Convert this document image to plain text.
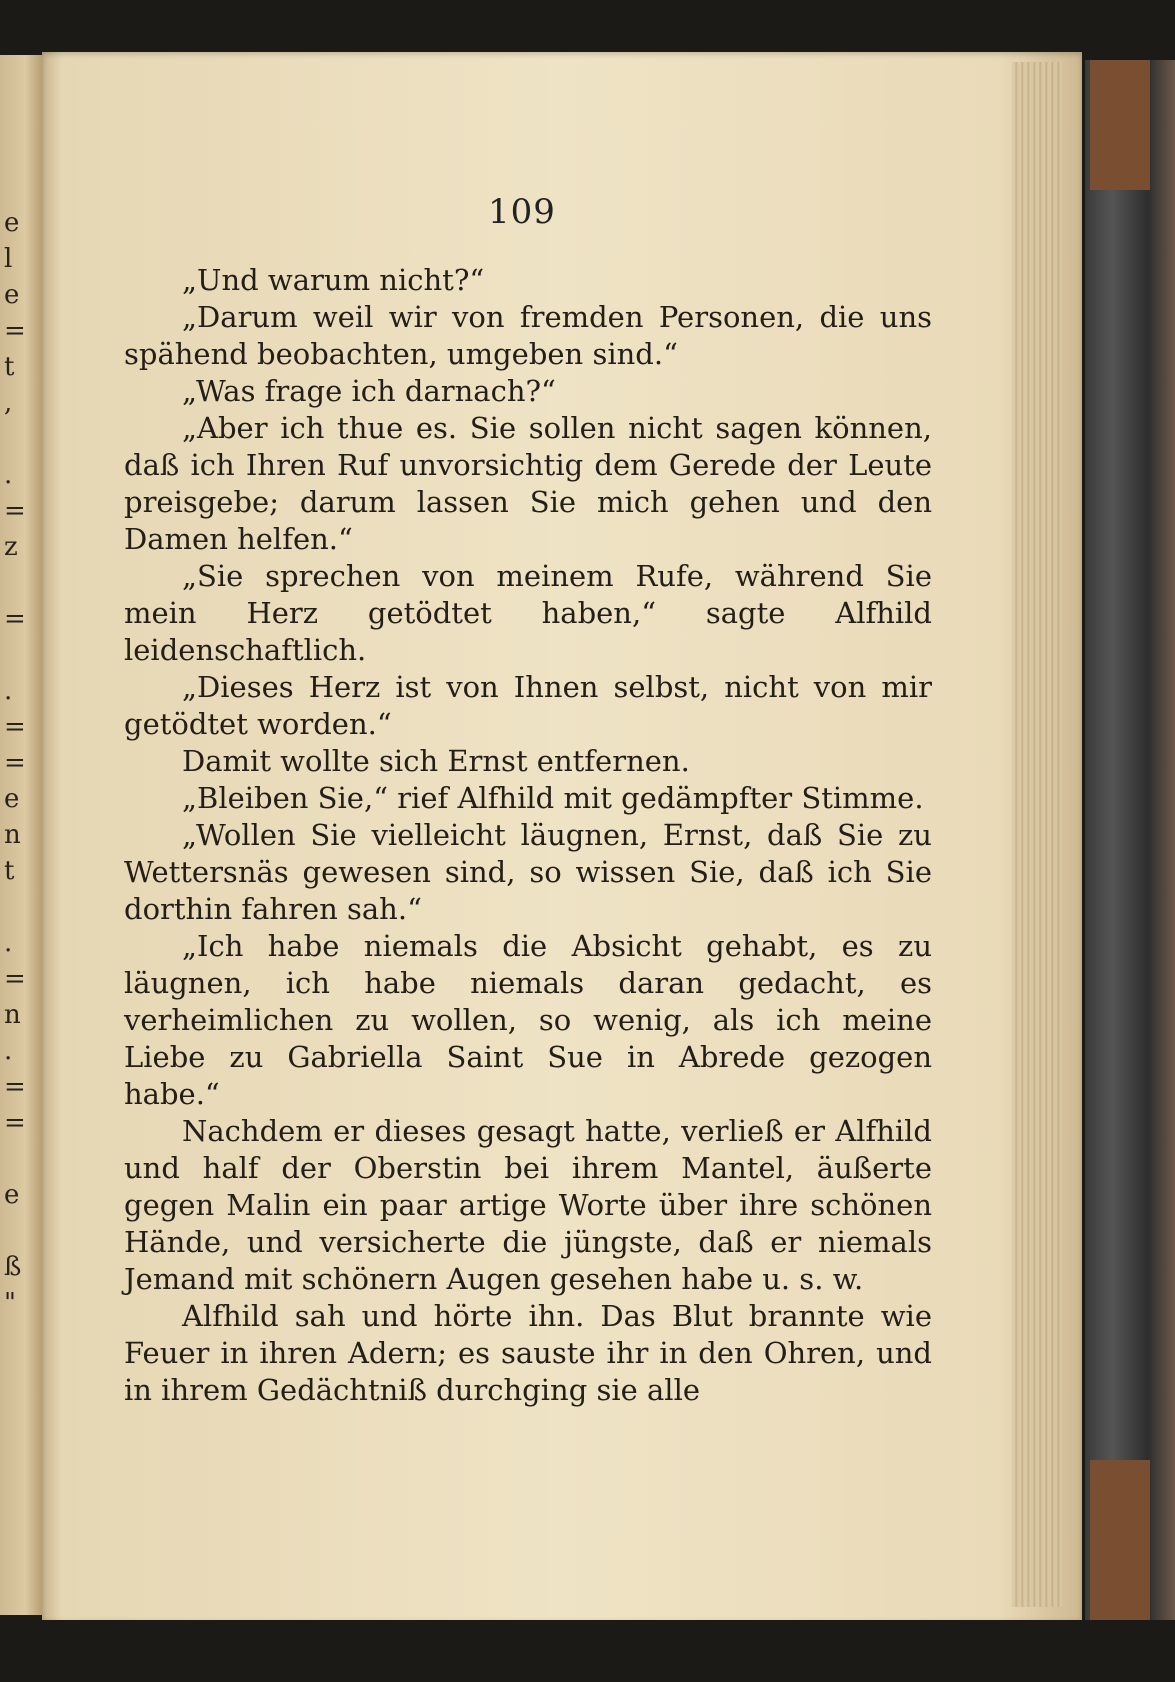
e
l
e
=
t
,

.
=
z

=

.
=
=
e
n
t

.
=
n
.
=
=

e

ß
"
109

„Und warum nicht?“

„Darum weil wir von fremden Personen, die uns spähend beobachten, umgeben sind.“

„Was frage ich darnach?“

„Aber ich thue es. Sie sollen nicht sagen können, daß ich Ihren Ruf unvorsichtig dem Gerede der Leute preisgebe; darum lassen Sie mich gehen und den Damen helfen.“

„Sie sprechen von meinem Rufe, während Sie mein Herz getödtet haben,“ sagte Alfhild leidenschaftlich.

„Dieses Herz ist von Ihnen selbst, nicht von mir getödtet worden.“

Damit wollte sich Ernst entfernen.

„Bleiben Sie,“ rief Alfhild mit gedämpfter Stimme.

„Wollen Sie vielleicht läugnen, Ernst, daß Sie zu Wettersnäs gewesen sind, so wissen Sie, daß ich Sie dorthin fahren sah.“

„Ich habe niemals die Absicht gehabt, es zu läugnen, ich habe niemals daran gedacht, es verheimlichen zu wollen, so wenig, als ich meine Liebe zu Gabriella Saint Sue in Abrede gezogen habe.“

Nachdem er dieses gesagt hatte, verließ er Alfhild und half der Oberstin bei ihrem Mantel, äußerte gegen Malin ein paar artige Worte über ihre schönen Hände, und versicherte die jüngste, daß er niemals Jemand mit schönern Augen gesehen habe u. s. w.

Alfhild sah und hörte ihn. Das Blut brannte wie Feuer in ihren Adern; es sauste ihr in den Ohren, und in ihrem Gedächtniß durchging sie alle
